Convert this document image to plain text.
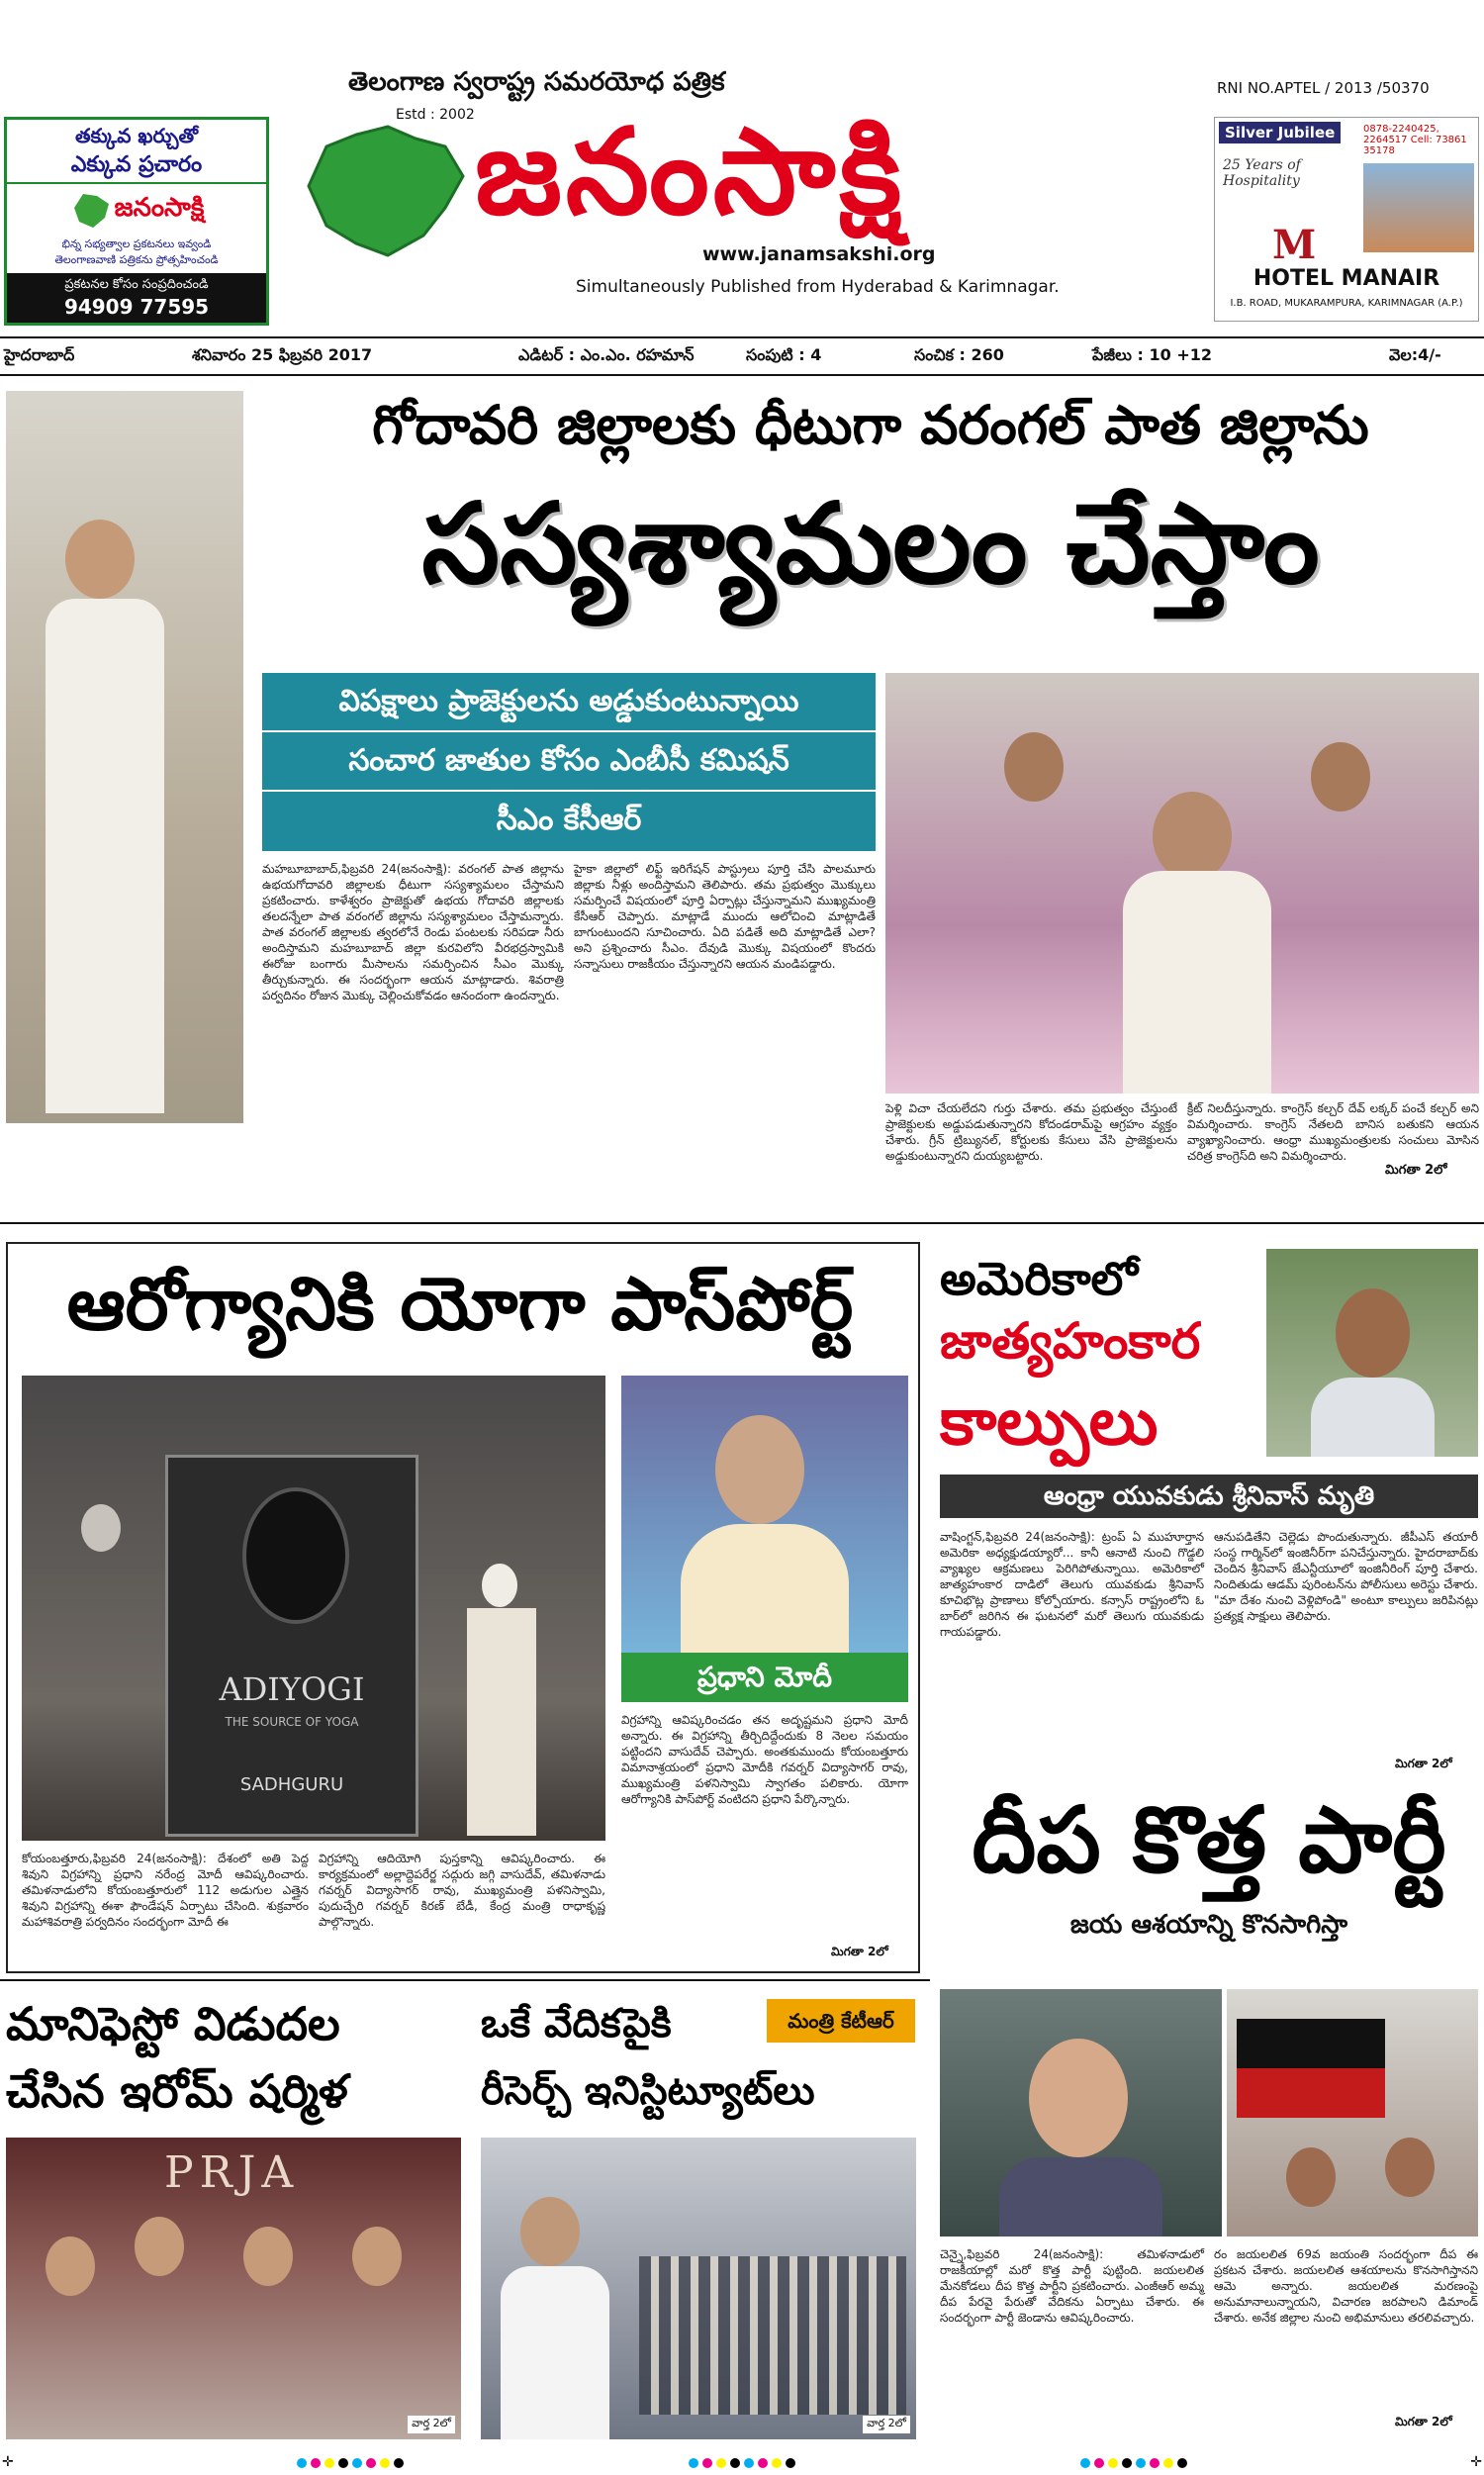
తక్కువ ఖర్చుతో
ఎక్కువ ప్రచారం
జనంసాక్షి
భిన్న సభ్యత్వాల ప్రకటనలు ఇవ్వండి
తెలంగాణవాణి పత్రికను ప్రోత్సహించండి
ప్రకటనల కోసం సంప్రదించండి
94909 77595
తెలంగాణ స్వరాష్ట్ర సమరయోధ పత్రిక
Estd : 2002 జనంసాక్షి
www.janamsakshi.org
Simultaneously Published from Hyderabad & Karimnagar.
RNI NO.APTEL / 2013 /50370
Silver Jubilee
25 Years of Hospitality
0878-2240425, 2264517 Cell: 73861 35178
M
HOTEL MANAIR
I.B. ROAD, MUKARAMPURA, KARIMNAGAR (A.P.)
హైదరాబాద్	శనివారం 25 ఫిబ్రవరి 2017	ఎడిటర్ : ఎం.ఎం. రహమాన్	సంపుటి : 4	సంచిక : 260	పేజీలు : 10 +12	వెల:4/-
గోదావరి జిల్లాలకు ధీటుగా వరంగల్ పాత జిల్లాను
సస్యశ్యామలం చేస్తాం
విపక్షాలు ప్రాజెక్టులను అడ్డుకుంటున్నాయి
సంచార జాతుల కోసం ఎంబీసీ కమిషన్
సీఎం కేసీఆర్
మహబూబాబాద్,ఫిబ్రవరి 24(జనంసాక్షి): వరంగల్ పాత జిల్లాను ఉభయగోదావరి జిల్లాలకు ధీటుగా సస్యశ్యామలం చేస్తామని ప్రకటించారు. కాళేశ్వరం ప్రాజెక్టుతో ఉభయ గోదావరి జిల్లాలకు తలదన్నేలా పాత వరంగల్ జిల్లాను సస్యశ్యామలం చేస్తామన్నారు. పాత వరంగల్ జిల్లాలకు త్వరలోనే రెండు పంటలకు సరిపడా నీరు అందిస్తామని మహబూబాద్ జిల్లా కురవిలోని వీరభద్రస్వామికి ఈరోజు బంగారు మీసాలను సమర్పించిన సీఎం మొక్కు తీర్చుకున్నారు. ఈ సందర్భంగా ఆయన మాట్లాడారు. శివరాత్రి పర్వదినం రోజున మొక్కు చెల్లించుకోవడం ఆనందంగా ఉందన్నారు.
హైకా జిల్లాలో లిఫ్ట్ ఇరిగేషన్ పాస్ట్రులు పూర్తి చేసి పాలమూరు జిల్లాకు నీళ్లు అందిస్తామని తెలిపారు. తమ ప్రభుత్వం మొక్కులు సమర్పించే విషయంలో పూర్తి ఏర్పాట్లు చేస్తున్నామని ముఖ్యమంత్రి కేసీఆర్ చెప్పారు. మాట్లాడే ముందు ఆలోచించి మాట్లాడితే బాగుంటుందని సూచించారు. ఏది పడితే అది మాట్లాడితే ఎలా? అని ప్రశ్నించారు సీఎం. దేవుడి మొక్కు విషయంలో కొందరు సన్నాసులు రాజకీయం చేస్తున్నారని ఆయన మండిపడ్డారు.
పెళ్లి విచా చేయలేదని గుర్తు చేశారు. తమ ప్రభుత్వం చేస్తుంటే ప్రాజెక్టులకు అడ్డుపడుతున్నారని కోదండరామ్‌పై ఆగ్రహం వ్యక్తం చేశారు. గ్రీన్ ట్రిబ్యునల్, కోర్టులకు కేసులు వేసి ప్రాజెక్టులను అడ్డుకుంటున్నారని దుయ్యబట్టారు.
క్రీట్ నిలదీస్తున్నారు. కాంగ్రెస్ కల్చర్ దేవ్ లక్కర్ పంచే కల్చర్ అని విమర్శించారు. కాంగ్రెస్ నేతలది బానిస బతుకని ఆయన వ్యాఖ్యానించారు. ఆంధ్రా ముఖ్యమంత్రులకు సంచులు మోసిన చరిత్ర కాంగ్రెస్‌ది అని విమర్శించారు.
మిగతా 2లో
ఆరోగ్యానికి యోగా పాస్‌పోర్ట్
ADIYOGI
THE SOURCE OF YOGA
SADHGURU
ప్రధాని మోదీ
విగ్రహాన్ని ఆవిష్కరించడం తన అదృష్టమని ప్రధాని మోదీ అన్నారు. ఈ విగ్రహాన్ని తీర్చిదిద్దేందుకు 8 నెలల సమయం పట్టిందని వాసుదేవ్ చెప్పారు. అంతకుముందు కోయంబత్తూరు విమానాశ్రయంలో ప్రధాని మోదీకి గవర్నర్ విద్యాసాగర్ రావు, ముఖ్యమంత్రి పళనిస్వామి స్వాగతం పలికారు. యోగా ఆరోగ్యానికి పాస్‌పోర్ట్ వంటిదని ప్రధాని పేర్కొన్నారు.
కోయంబత్తూరు,ఫిబ్రవరి 24(జనంసాక్షి): దేశంలో అతి పెద్ద శివుని విగ్రహాన్ని ప్రధాని నరేంద్ర మోదీ ఆవిష్కరించారు. తమిళనాడులోని కోయంబత్తూరులో 112 అడుగుల ఎత్తైన శివుని విగ్రహాన్ని ఈశా ఫౌండేషన్ ఏర్పాటు చేసింది. శుక్రవారం మహాశివరాత్రి పర్వదినం సందర్భంగా మోదీ ఈ
విగ్రహాన్ని ఆదియోగి పుస్తకాన్ని ఆవిష్కరించారు. ఈ కార్యక్రమంలో అల్లాద్దెపరేర్జ సద్గురు జగ్గి వాసుదేవ్, తమిళనాడు గవర్నర్ విద్యాసాగర్ రావు, ముఖ్యమంత్రి పళనిస్వామి, పుదుచ్చేరి గవర్నర్ కిరణ్ బేడీ, కేంద్ర మంత్రి రాధాకృష్ణ పాల్గొన్నారు.
మిగతా 2లో
అమెరికాలో
జాత్యహంకార
కాల్పులు
ఆంధ్రా యువకుడు శ్రీనివాస్ మృతి
వాషింగ్టన్,ఫిబ్రవరి 24(జనంసాక్షి): ట్రంప్ ఏ ముహూర్తాన అమెరికా అధ్యక్షుడయ్యారో... కానీ ఆనాటి నుంచి గొడ్డలి వ్యాఖ్యల ఆక్రమణలు పెరిగిపోతున్నాయి. అమెరికాలో జాత్యహంకార దాడిలో తెలుగు యువకుడు శ్రీనివాస్ కూచిభొట్ల ప్రాణాలు కోల్పోయారు. కన్సాస్ రాష్ట్రంలోని ఓ బార్‌లో జరిగిన ఈ ఘటనలో మరో తెలుగు యువకుడు గాయపడ్డారు.
ఆనుపడితేని చెల్లెడు పొందుతున్నారు. జీపీఎస్ తయారీ సంస్థ గార్మిన్‌లో ఇంజినీర్‌గా పనిచేస్తున్నారు. హైదరాబాద్‌కు చెందిన శ్రీనివాస్ జేఎన్టీయూలో ఇంజినీరింగ్ పూర్తి చేశారు. నిందితుడు ఆడమ్ పురింటన్‌ను పోలీసులు అరెస్టు చేశారు. "మా దేశం నుంచి వెళ్లిపోండి" అంటూ కాల్పులు జరిపినట్లు ప్రత్యక్ష సాక్షులు తెలిపారు.
మిగతా 2లో
దీప కొత్త పార్టీ
జయ ఆశయాన్ని కొనసాగిస్తా
చెన్నై,ఫిబ్రవరి 24(జనంసాక్షి): తమిళనాడులో రాజకీయాల్లో మరో కొత్త పార్టీ పుట్టింది. జయలలిత మేనకోడలు దీప కొత్త పార్టీని ప్రకటించారు. ఎంజీఆర్ అమ్మ దీప పేరవై పేరుతో వేదికను ఏర్పాటు చేశారు. ఈ సందర్భంగా పార్టీ జెండాను ఆవిష్కరించారు.
రం జయలలిత 69వ జయంతి సందర్భంగా దీప ఈ ప్రకటన చేశారు. జయలలిత ఆశయాలను కొనసాగిస్తానని ఆమె అన్నారు. జయలలిత మరణంపై అనుమానాలున్నాయని, విచారణ జరపాలని డిమాండ్ చేశారు. అనేక జిల్లాల నుంచి అభిమానులు తరలివచ్చారు.
మిగతా 2లో
మానిఫెస్టో విడుదల
చేసిన ఇరోమ్ షర్మిళ
PRJA
వార్త 2లో
ఒకే వేదికపైకి	మంత్రి కేటీఆర్
రీసెర్చ్ ఇనిస్టిట్యూట్‌లు
వార్త 2లో
✛	✛
